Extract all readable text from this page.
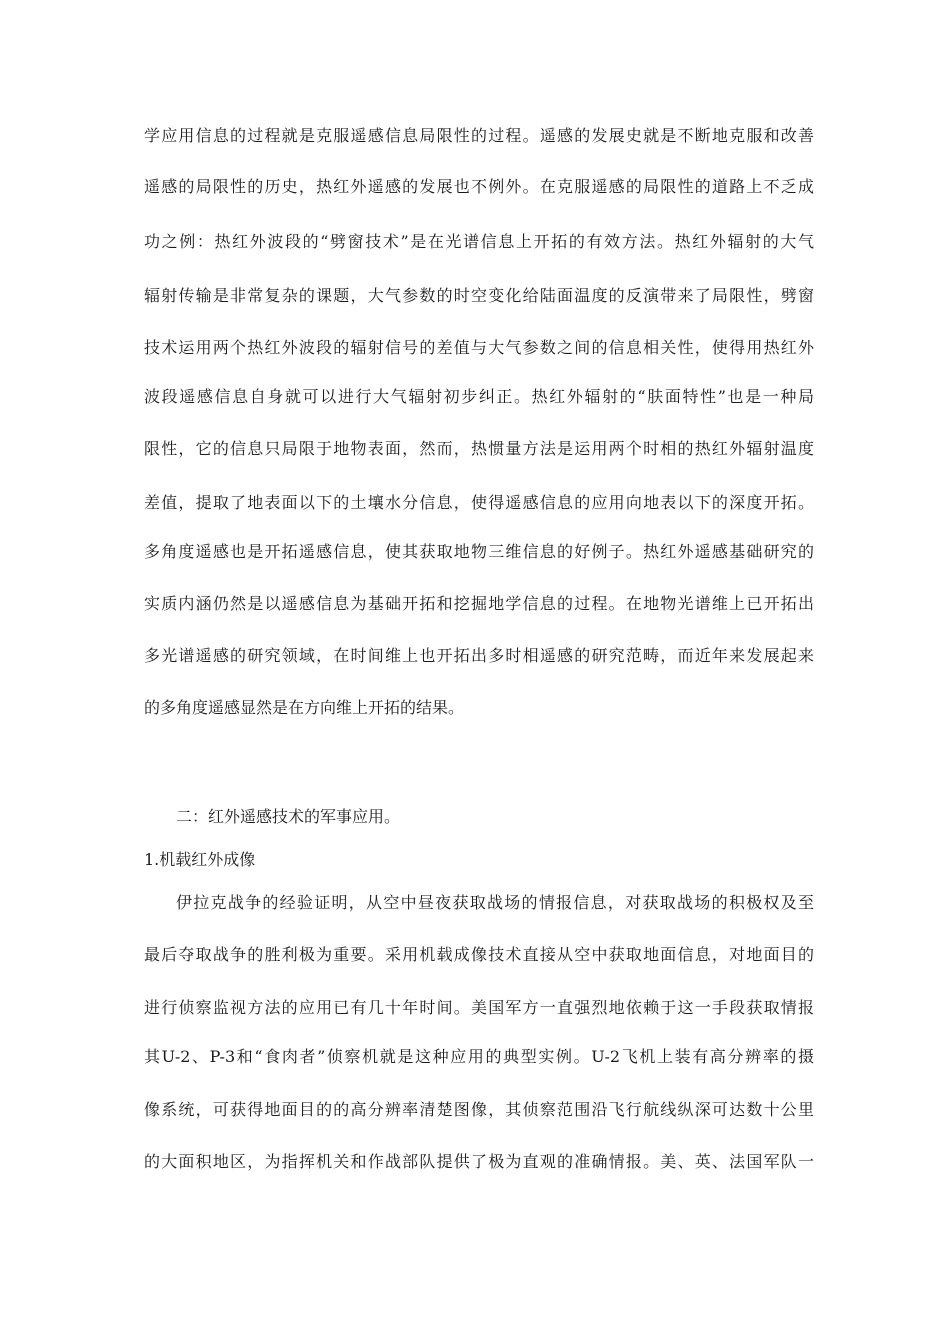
学应用信息的过程就是克服遥感信息局限性的过程。遥感的发展史就是不断地克服和改善
遥感的局限性的历史，热红外遥感的发展也不例外。在克服遥感的局限性的道路上不乏成
功之例：热红外波段的“劈窗技术”是在光谱信息上开拓的有效方法。热红外辐射的大气
辐射传输是非常复杂的课题，大气参数的时空变化给陆面温度的反演带来了局限性，劈窗
技术运用两个热红外波段的辐射信号的差值与大气参数之间的信息相关性，使得用热红外
波段遥感信息自身就可以进行大气辐射初步纠正。热红外辐射的“肤面特性”也是一种局
限性，它的信息只局限于地物表面，然而，热惯量方法是运用两个时相的热红外辐射温度
差值，提取了地表面以下的土壤水分信息，使得遥感信息的应用向地表以下的深度开拓。
多角度遥感也是开拓遥感信息，使其获取地物三维信息的好例子。热红外遥感基础研究的
实质内涵仍然是以遥感信息为基础开拓和挖掘地学信息的过程。在地物光谱维上已开拓出
多光谱遥感的研究领域，在时间维上也开拓出多时相遥感的研究范畴，而近年来发展起来
的多角度遥感显然是在方向维上开拓的结果。
二：红外遥感技术的军事应用。
1.机载红外成像
伊拉克战争的经验证明，从空中昼夜获取战场的情报信息，对获取战场的积极权及至
最后夺取战争的胜利极为重要。采用机载成像技术直接从空中获取地面信息，对地面目的
进行侦察监视方法的应用已有几十年时间。美国军方一直强烈地依赖于这一手段获取情报
其U-2、P-3和“食肉者”侦察机就是这种应用的典型实例。U-2飞机上装有高分辨率的摄
像系统，可获得地面目的的高分辨率清楚图像，其侦察范围沿飞行航线纵深可达数十公里
的大面积地区，为指挥机关和作战部队提供了极为直观的准确情报。美、英、法国军队一
